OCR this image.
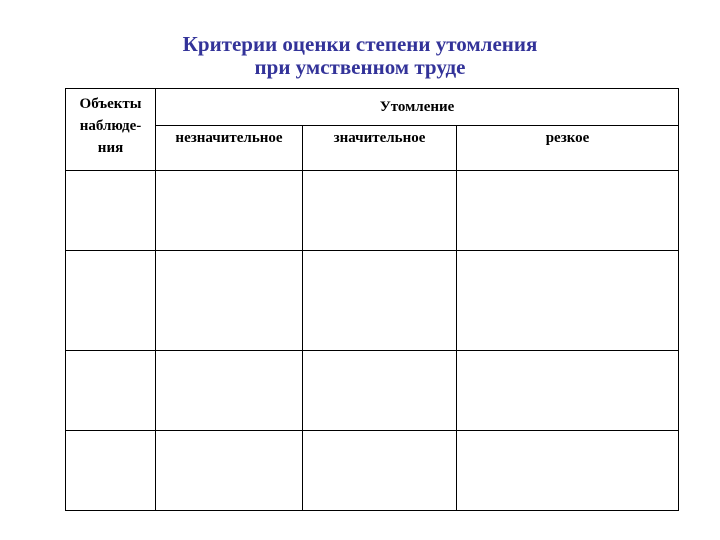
Критерии оценки степени утомления
при умственном труде
Объекты
наблюде-
ния	Утомление		
	незначительное	значительное	резкое
